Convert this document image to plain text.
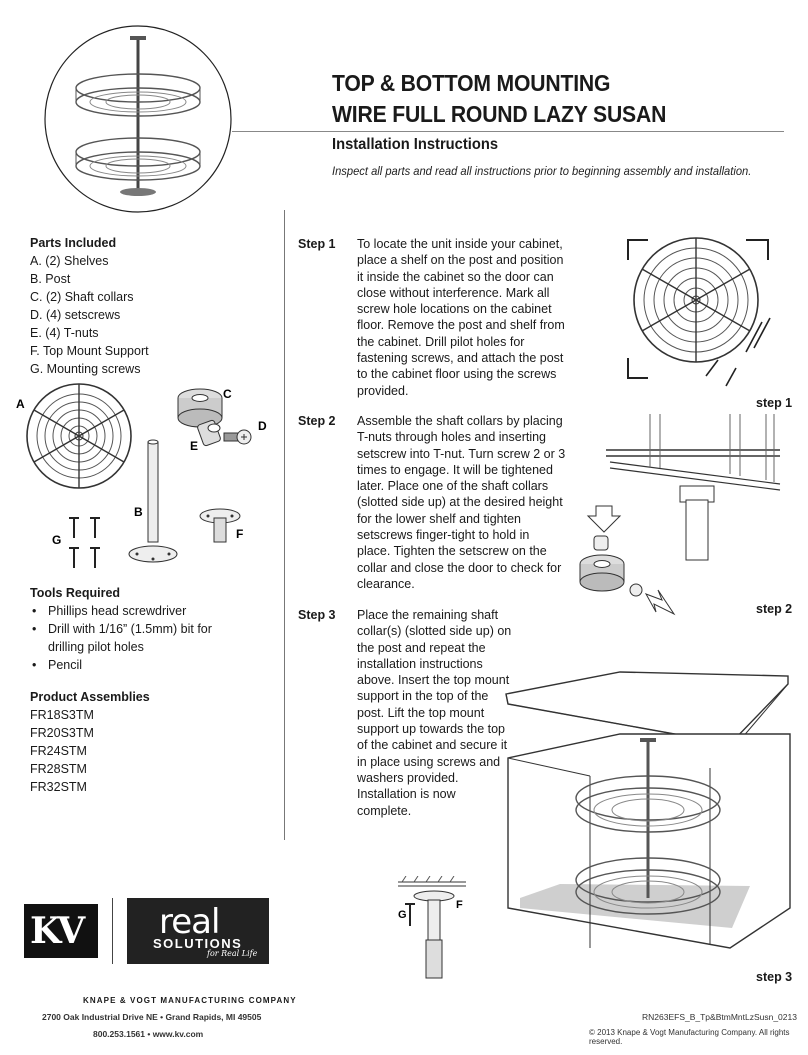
TOP & BOTTOM MOUNTING
WIRE FULL ROUND LAZY SUSAN
Installation Instructions
Inspect all parts and read all instructions prior to beginning assembly and installation.
Parts Included
A. (2) Shelves
B. Post
C. (2) Shaft collars
D. (4) setscrews
E. (4) T-nuts
F. Top Mount Support
G. Mounting screws
A
C
D
E
B
F
G
Tools Required
• Phillips head screwdriver
• Drill with 1/16” (1.5mm) bit for
drilling pilot holes
• Pencil
Product Assemblies
FR18S3TM
FR20S3TM
FR24STM
FR28STM
FR32STM
Step 1 To locate the unit inside your cabinet,
place a shelf on the post and position
it inside the cabinet so the door can
close without interference. Mark all
screw hole locations on the cabinet
floor. Remove the post and shelf from
the cabinet. Drill pilot holes for
fastening screws, and attach the post
to the cabinet floor using the screws
provided.
step 1
Step 2 Assemble the shaft collars by placing
T-nuts through holes and inserting
setscrew into T-nut. Turn screw 2 or 3
times to engage. It will be tightened
later. Place one of the shaft collars
(slotted side up) at the desired height
for the lower shelf and tighten
setscrews finger-tight to hold in
place. Tighten the setscrew on the
collar and close the door to check for
clearance.
step 2
Step 3 Place the remaining shaft
collar(s) (slotted side up) on
the post and repeat the
installation instructions
above. Insert the top mount
support in the top of the
post. Lift the top mount
support up towards the top
of the cabinet and secure it
in place using screws and
washers provided.
Installation is now
complete.
step 3
G
F
KV real
SOLUTIONS
for Real Life
KNAPE & VOGT MANUFACTURING COMPANY
2700 Oak Industrial Drive NE • Grand Rapids, MI 49505
800.253.1561 • www.kv.com
RN263EFS_B_Tp&BtmMntLzSusn_0213
© 2013 Knape & Vogt Manufacturing Company. All rights reserved.
